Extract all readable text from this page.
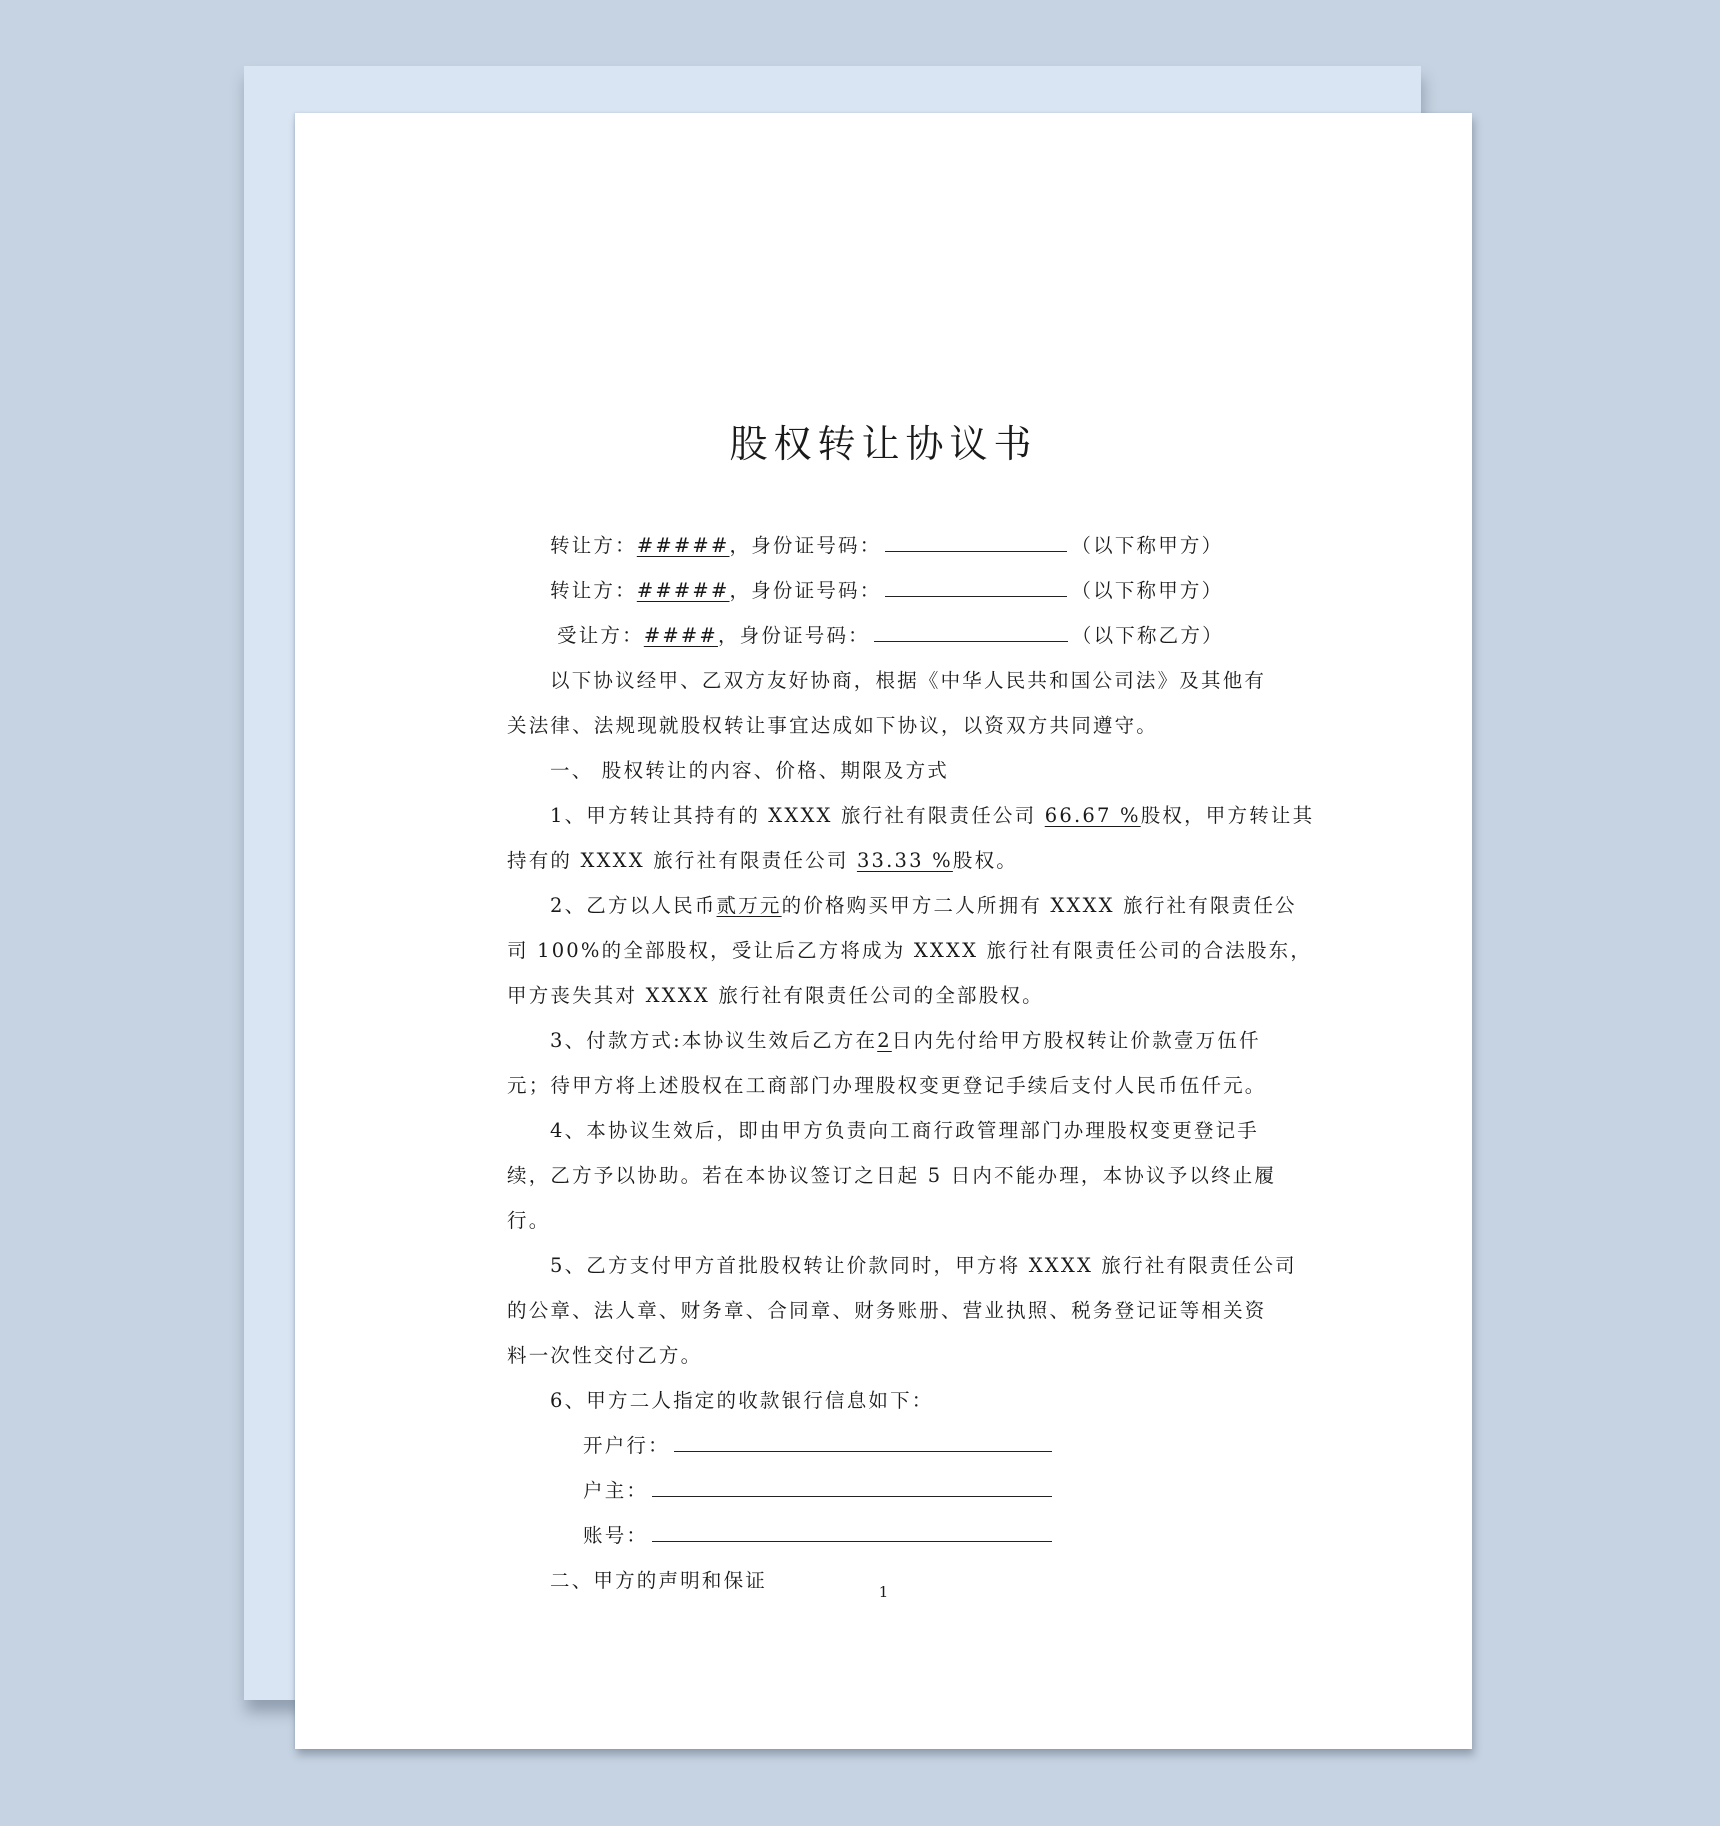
股权转让协议书
转让方：#####，身份证号码：	（以下称甲方）
转让方：#####，身份证号码：	（以下称甲方）
受让方：####，身份证号码：	（以下称乙方）
以下协议经甲、乙双方友好协商，根据《中华人民共和国公司法》及其他有
关法律、法规现就股权转让事宜达成如下协议，以资双方共同遵守。
一、 股权转让的内容、价格、期限及方式
1、甲方转让其持有的 XXXX 旅行社有限责任公司 66.67 %股权，甲方转让其
持有的 XXXX 旅行社有限责任公司 33.33 %股权。
2、乙方以人民币贰万元的价格购买甲方二人所拥有 XXXX 旅行社有限责任公
司 100%的全部股权，受让后乙方将成为 XXXX 旅行社有限责任公司的合法股东，
甲方丧失其对 XXXX 旅行社有限责任公司的全部股权。
3、付款方式:本协议生效后乙方在2日内先付给甲方股权转让价款壹万伍仟
元；待甲方将上述股权在工商部门办理股权变更登记手续后支付人民币伍仟元。
4、本协议生效后，即由甲方负责向工商行政管理部门办理股权变更登记手
续，乙方予以协助。若在本协议签订之日起 5 日内不能办理，本协议予以终止履
行。
5、乙方支付甲方首批股权转让价款同时，甲方将 XXXX 旅行社有限责任公司
的公章、法人章、财务章、合同章、财务账册、营业执照、税务登记证等相关资
料一次性交付乙方。
6、甲方二人指定的收款银行信息如下：
开户行：
户主：
账号：
二、甲方的声明和保证	1
